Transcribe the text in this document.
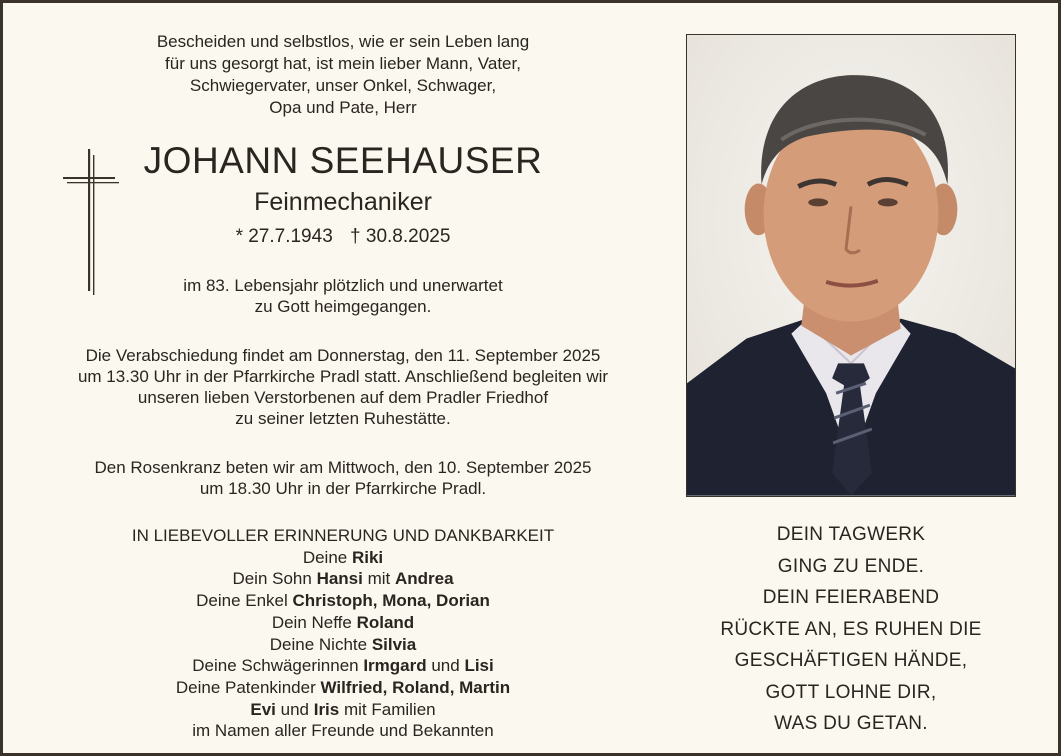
Bescheiden und selbstlos, wie er sein Leben lang
für uns gesorgt hat, ist mein lieber Mann, Vater,
Schwiegervater, unser Onkel, Schwager,
Opa und Pate, Herr
JOHANN SEEHAUSER
Feinmechaniker
* 27.7.1943 † 30.8.2025
im 83. Lebensjahr plötzlich und unerwartet
zu Gott heimgegangen.
Die Verabschiedung findet am Donnerstag, den 11. September 2025
um 13.30 Uhr in der Pfarrkirche Pradl statt. Anschließend begleiten wir
unseren lieben Verstorbenen auf dem Pradler Friedhof
zu seiner letzten Ruhestätte.
Den Rosenkranz beten wir am Mittwoch, den 10. September 2025
um 18.30 Uhr in der Pfarrkirche Pradl.
IN LIEBEVOLLER ERINNERUNG UND DANKBARKEIT
Deine Riki
Dein Sohn Hansi mit Andrea
Deine Enkel Christoph, Mona, Dorian
Dein Neffe Roland
Deine Nichte Silvia
Deine Schwägerinnen Irmgard und Lisi
Deine Patenkinder Wilfried, Roland, Martin
Evi und Iris mit Familien
im Namen aller Freunde und Bekannten
DEIN TAGWERK
GING ZU ENDE.
DEIN FEIERABEND
RÜCKTE AN, ES RUHEN DIE
GESCHÄFTIGEN HÄNDE,
GOTT LOHNE DIR,
WAS DU GETAN.
